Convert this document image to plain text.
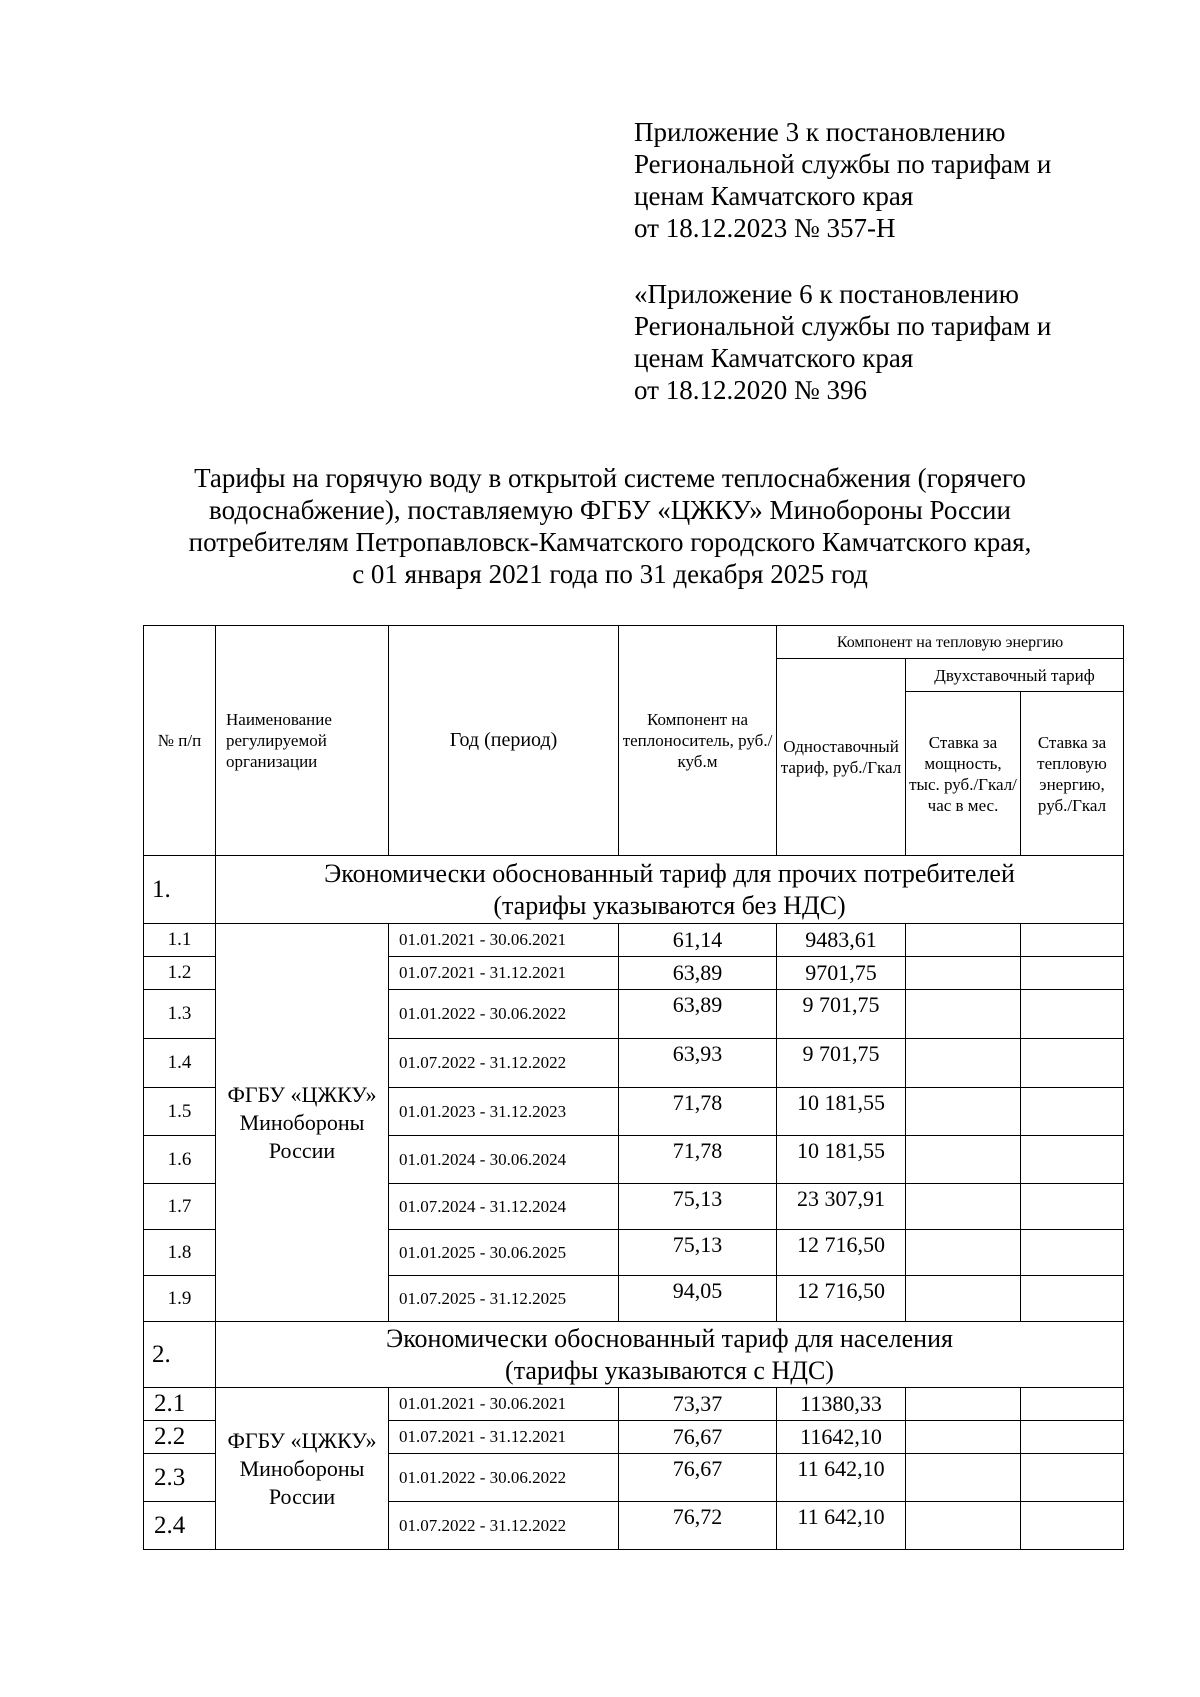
Приложение 3 к постановлению
Региональной службы по тарифам и
ценам Камчатского края
от 18.12.2023 № 357-Н
«Приложение 6 к постановлению
Региональной службы по тарифам и
ценам Камчатского края
от 18.12.2020 № 396
Тарифы на горячую воду в открытой системе теплоснабжения (горячего
водоснабжение), поставляемую ФГБУ «ЦЖКУ» Минобороны России
потребителям Петропавловск-Камчатского городского Камчатского края,
с 01 января 2021 года по 31 декабря 2025 год
№ п/п	Наименование регулируемой организации	Год (период)	Компонент на теплоноситель, руб./куб.м	Компонент на тепловую энергию		
				Одноставочный тариф, руб./Гкал	Двухставочный тариф	
					Ставка за мощность, тыс. руб./Гкал/час в мес.	Ставка за тепловую энергию, руб./Гкал
1.	Экономически обоснованный тариф для прочих потребителей
(тарифы указываются без НДС)					

1.1	ФГБУ «ЦЖКУ» Минобороны России	01.01.2021 - 30.06.2021	61,14	9483,61		
1.2		01.07.2021 - 31.12.2021	63,89	9701,75		
1.3		01.01.2022 - 30.06.2022	63,89	9 701,75		
1.4		01.07.2022 - 31.12.2022	63,93	9 701,75		
1.5		01.01.2023 - 31.12.2023	71,78	10 181,55		
1.6		01.01.2024 - 30.06.2024	71,78	10 181,55		
1.7		01.07.2024 - 31.12.2024	75,13	23 307,91		
1.8		01.01.2025 - 30.06.2025	75,13	12 716,50		
1.9		01.07.2025 - 31.12.2025	94,05	12 716,50		
2.	Экономически обоснованный тариф для населения
(тарифы указываются с НДС)					

2.1	ФГБУ «ЦЖКУ» Минобороны России	01.01.2021 - 30.06.2021	73,37	11380,33		
2.2		01.07.2021 - 31.12.2021	76,67	11642,10		
2.3		01.01.2022 - 30.06.2022	76,67	11 642,10		
2.4		01.07.2022 - 31.12.2022	76,72	11 642,10		
